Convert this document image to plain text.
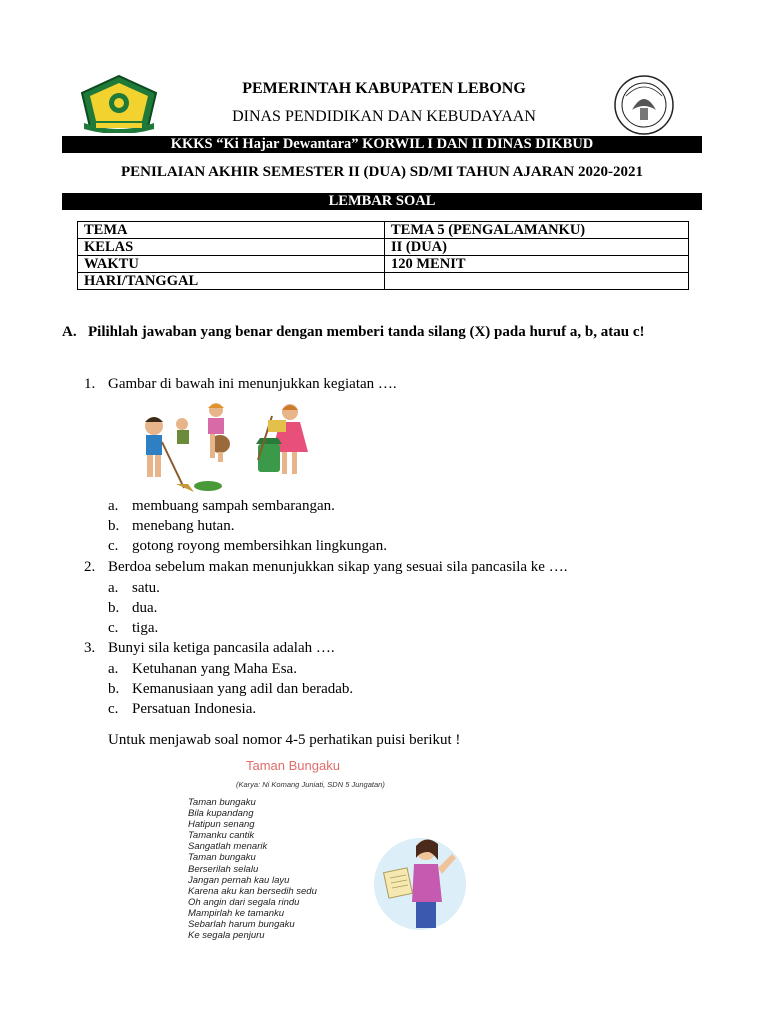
PEMERINTAH KABUPATEN LEBONG
DINAS PENDIDIKAN DAN KEBUDAYAAN
KKKS “Ki Hajar Dewantara” KORWIL I DAN II DINAS DIKBUD
PENILAIAN AKHIR SEMESTER II (DUA) SD/MI TAHUN AJARAN 2020-2021
LEMBAR SOAL
TEMA	TEMA 5 (PENGALAMANKU)
KELAS	II (DUA)
WAKTU	120 MENIT
HARI/TANGGAL	
A. Pilihlah jawaban yang benar dengan memberi tanda silang (X) pada huruf a, b, atau c!
1. Gambar di bawah ini menunjukkan kegiatan ….
a. membuang sampah sembarangan.
b. menebang hutan.
c. gotong royong membersihkan lingkungan.
2. Berdoa sebelum makan menunjukkan sikap yang sesuai sila pancasila ke ….
a. satu.
b. dua.
c. tiga.
3. Bunyi sila ketiga pancasila adalah ….
a. Ketuhanan yang Maha Esa.
b. Kemanusiaan yang adil dan beradab.
c. Persatuan Indonesia.
Untuk menjawab soal nomor 4-5 perhatikan puisi berikut !
Taman Bungaku
(Karya: Ni Komang Juniati, SDN 5 Jungatan)
Taman bungaku
Bila kupandang
Hatipun senang
Tamanku cantik
Sangatlah menarik
Taman bungaku
Berserilah selalu
Jangan pernah kau layu
Karena aku kan bersedih sedu
Oh angin dari segala rindu
Mampirlah ke tamanku
Sebarlah harum bungaku
Ke segala penjuru
